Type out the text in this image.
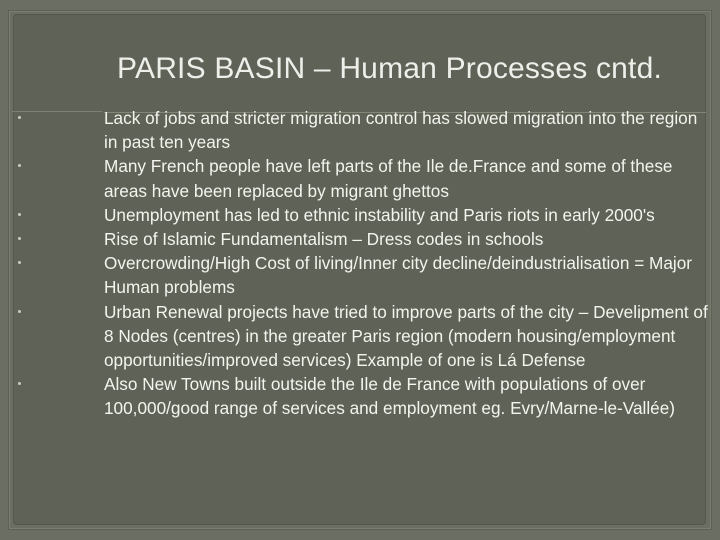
PARIS BASIN – Human Processes cntd.
Lack of jobs and stricter migration control has slowed migration into the region in past ten years
Many French people have left parts of the Ile de.France and some of these areas have been replaced by migrant ghettos
Unemployment has led to ethnic instability and Paris riots in early 2000's
Rise of Islamic Fundamentalism – Dress codes in schools
Overcrowding/High Cost of living/Inner city decline/deindustrialisation = Major Human problems
Urban Renewal projects have tried to improve parts of the city – Develipment of 8 Nodes (centres) in the greater Paris region (modern housing/employment opportunities/improved services) Example of one is Lá Defense
Also New Towns built outside the Ile de France with populations of over 100,000/good range of services and employment eg. Evry/Marne-le-Vallée)
